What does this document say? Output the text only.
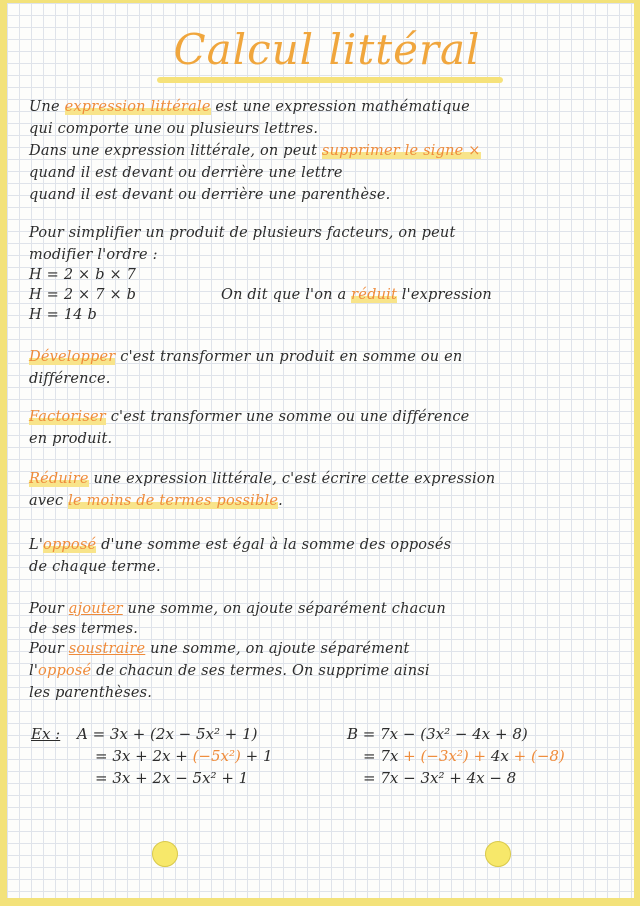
Calcul littéral
Une expression littérale est une expression mathématique
qui comporte une ou plusieurs lettres.
Dans une expression littérale, on peut supprimer le signe ×
quand il est devant ou derrière une lettre
quand il est devant ou derrière une parenthèse.
Pour simplifier un produit de plusieurs facteurs, on peut
modifier l'ordre :
H = 2 × b × 7
H = 2 × 7 × b
H = 14 b
On dit que l'on a réduit l'expression
Développer c'est transformer un produit en somme ou en
différence.
Factoriser c'est transformer une somme ou une différence
en produit.
Réduire une expression littérale, c'est écrire cette expression
avec le moins de termes possible.
L'opposé d'une somme est égal à la somme des opposés
de chaque terme.
Pour ajouter une somme, on ajoute séparément chacun
de ses termes.
Pour soustraire une somme, on ajoute séparément
l'opposé de chacun de ses termes. On supprime ainsi
les parenthèses.
Ex : A = 3x + (2x − 5x² + 1)
= 3x + 2x + (−5x²) + 1
= 3x + 2x − 5x² + 1
B = 7x − (3x² − 4x + 8)
= 7x + (−3x²) + 4x + (−8)
= 7x − 3x² + 4x − 8
